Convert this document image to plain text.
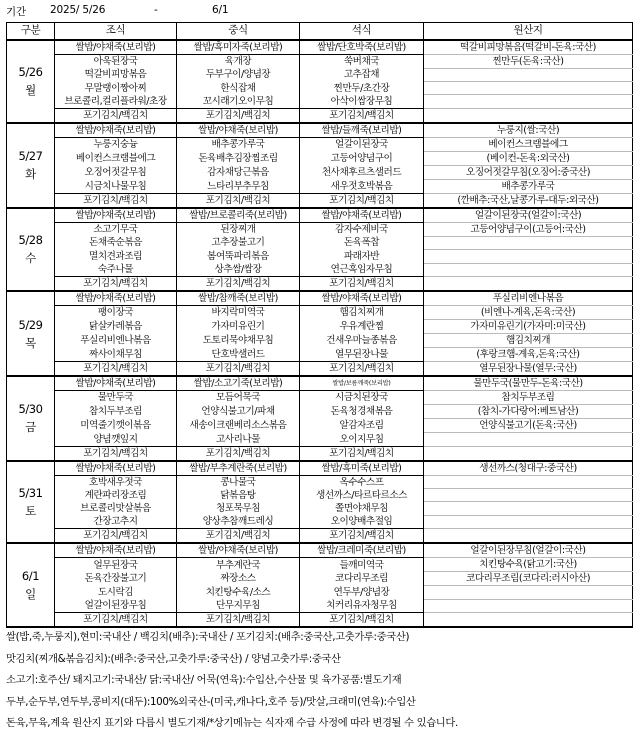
기간 2025/ 5/26	-	6/1
구분	조식	중식	석식	원산지

5/26
월	쌀밥/야채죽(보리밥)	쌀밥/흑미자죽(보리밥)	쌀밥/단호박죽(보리밥)	떡갈비피망볶음(떡갈비-돈육:국산)
	아욱된장국	육개장	쑥버채국	찐만두(돈육:국산)
	떡갈비피망볶음	두부구이/양념장	고추잡채	
	무말랭이짱아찌	한식잡채	찐만두/초간장	
	브로콜리,컬리플라워/초장	꼬시래기오이무침	아삭이쌈장무침	
	포기김치/백김치	포기김치/백김치	포기김치/백김치	

5/27
화	쌀밥/야채죽(보리밥)	쌀밥/야채죽(보리밥)	쌀밥/들깨죽(보리밥)	누룽지(쌀:국산)
	누룽지숭늉	배추콩가루국	얼갈이된장국	베이컨스크램블에그
	베이컨스크램블에그	돈육배추김장찜조림	고등어양념구이	(베이컨-돈육:외국산)
	오징어젓갈무침	감자채당근볶음	천사채후르츠샐러드	오징어젓갈무침(오징어:중국산)
	시금치나물무침	느타리부추무침	새우젓호박볶음	배추콩가루국
	포기김치/백김치	포기김치/백김치	포기김치/백김치	(깐배추:국산,날콩가루-대두:외국산)

5/28
수	쌀밥/야채죽(보리밥)	쌀밥/브로콜리죽(보리밥)	쌀밥/야채죽(보리밥)	얼갈이된장국(얼갈이:국산)
	소고기무국	된장찌개	감자수제비국	고등어양념구이(고등어:국산)
	돈채죽순볶음	고추장불고기	돈육폭찹	
	멸치견과조림	봄여뚝파리볶음	파래자반	
	숙주나물	상추쌈/쌈장	연근흑임자무침	
	포기김치/백김치	포기김치/백김치	포기김치/백김치	

5/29
목	쌀밥/야채죽(보리밥)	쌀밥/참깨죽(보리밥)	쌀밥/야채죽(보리밥)	푸실리비엔나볶음
	팽이장국	바지락미역국	햄김치찌개	(비엔나-계육,돈육:국산)
	닭살카레볶음	가자미유린기	우유계란찜	가자미유린기(가자미:미국산)
	푸실리비엔나볶음	도토리묵야채무침	건새우마늘종볶음	햄김치찌개
	짜사이채무침	단호박샐러드	열무된장나물	(후랑크햄-계육,돈육:국산)
	포기김치/백김치	포기김치/백김치	포기김치/백김치	열무된장나물(열무:국산)

5/30
금	쌀밥/야채죽(보리밥)	쌀밥/소고기죽(보리밥)	쌀밥/보름깨죽(보리밥)	물만두국(물만두-돈육:국산)
	물만두국	모듬어묵국	시금치된장국	참치두부조림
	참치두부조림	언양식불고기/파채	돈육청경채볶음	(참치-가다랑어:베트남산)
	미역줄기깻이볶음	새송이크랜베리소스볶음	알감자조림	언양식불고기(돈육:국산)
	양념깻잎지	고사리나물	오이지무침	
	포기김치/백김치	포기김치/백김치	포기김치/백김치	

5/31
토	쌀밥/야채죽(보리밥)	쌀밥/부추계란죽(보리밥)	쌀밥/흑미죽(보리밥)	생선까스(청대구:중국산)
	호박새우젓국	콩나물국	옥수수스프	
	계란파리장조림	닭볶음탕	생선까스/타르타르소스	
	브로콜리맛살볶음	청포묵무침	쫄면야채무침	
	간장고추지	양상추참깨드레싱	오이양배추절임	
	포기김치/백김치	포기김치/백김치	포기김치/백김치	

6/1
일	쌀밥/야채죽(보리밥)	쌀밥/야채죽(보리밥)	쌀밥/크레미죽(보리밥)	얼갈이된장무침(얼갈이:국산)
	얼무된장국	부추계란국	들깨미역국	치킨탕수육(닭고기:국산)
	돈육간장불고기	짜장소스	코다리무조림	코다리무조림(코다리:러시아산)
	도시락김	치킨탕수육/소스	연두부/양념장	
	얼갈이된장무침	단무지무침	치커리유자청무침	
	포기김치/백김치	포기김치/백김치	포기김치/백김치	
쌀(밥,죽,누룽지),현미:국내산 / 백김치(배추):국내산 / 포기김치:(배추:중국산,고춧가루:중국산)
맛김치(찌개&볶음김치):(배추:중국산,고춧가루:중국산) / 양념고춧가루:중국산
소고기:호주산/ 돼지고기:국내산/ 닭:국내산/ 어묵(연육):수입산,수산물 및 육가공품:별도기재
두부,순두부,연두부,콩비지(대두):100%외국산-(미국,캐나다,호주 등)/맛살,크래미(연육):수입산
돈육,무육,계육 원산지 표기와 다릅시 별도기재/*상기메뉴는 식자재 수급 사정에 따라 변경될 수 있습니다.
